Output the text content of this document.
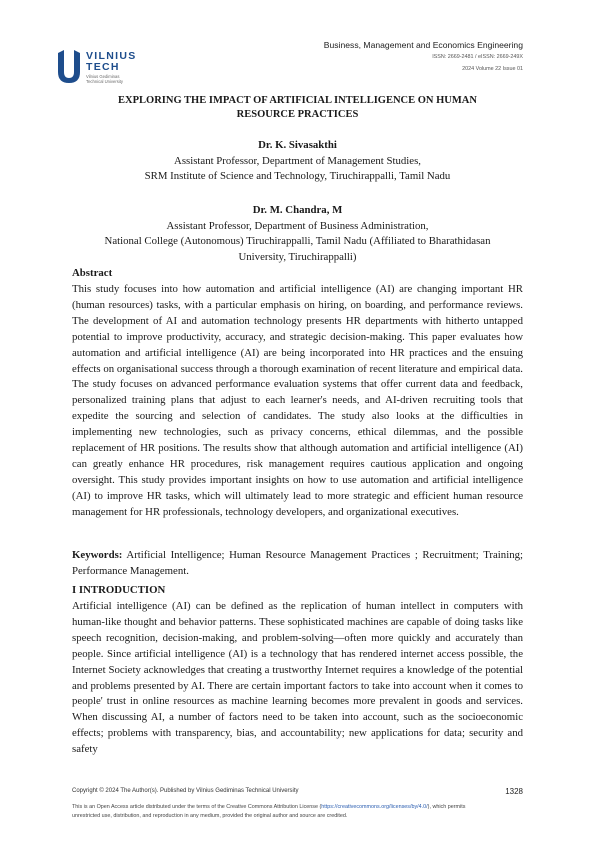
VILNIUS
TECH
Vilnius Gediminas
Technical University
Business, Management and Economics Engineering
ISSN: 2669-2481 / eISSN: 2669-249X
2024 Volume 22 Issue 01
EXPLORING THE IMPACT OF ARTIFICIAL INTELLIGENCE ON HUMAN
RESOURCE PRACTICES
Dr. K. Sivasakthi
Assistant Professor, Department of Management Studies,
SRM Institute of Science and Technology, Tiruchirappalli, Tamil Nadu
Dr. M. Chandra, M
Assistant Professor, Department of Business Administration,
National College (Autonomous) Tiruchirappalli, Tamil Nadu (Affiliated to Bharathidasan
University, Tiruchirappalli)
Abstract
This study focuses into how automation and artificial intelligence (AI) are changing important HR (human resources) tasks, with a particular emphasis on hiring, on boarding, and performance reviews. The development of AI and automation technology presents HR departments with hitherto untapped potential to improve productivity, accuracy, and strategic decision-making. This paper evaluates how automation and artificial intelligence (AI) are being incorporated into HR practices and the ensuing effects on organisational success through a thorough examination of recent literature and empirical data. The study focuses on advanced performance evaluation systems that offer current data and feedback, personalized training plans that adjust to each learner's needs, and AI-driven recruiting tools that expedite the sourcing and selection of candidates. The study also looks at the difficulties in implementing new technologies, such as privacy concerns, ethical dilemmas, and the possible replacement of HR positions. The results show that although automation and artificial intelligence (AI) can greatly enhance HR procedures, risk management requires cautious application and ongoing oversight. This study provides important insights on how to use automation and artificial intelligence (AI) to improve HR tasks, which will ultimately lead to more strategic and efficient human resource management for HR professionals, technology developers, and organizational executives.
Keywords: Artificial Intelligence; Human Resource Management Practices ; Recruitment; Training; Performance Management.
I INTRODUCTION
Artificial intelligence (AI) can be defined as the replication of human intellect in computers with human-like thought and behavior patterns. These sophisticated machines are capable of doing tasks like speech recognition, decision-making, and problem-solving—often more quickly and accurately than people. Since artificial intelligence (AI) is a technology that has rendered internet access possible, the Internet Society acknowledges that creating a trustworthy Internet requires a knowledge of the potential and problems presented by AI. There are certain important factors to take into account when it comes to people' trust in online resources as machine learning becomes more prevalent in goods and services. When discussing AI, a number of factors need to be taken into account, such as the socioeconomic effects; problems with transparency, bias, and accountability; new applications for data; security and safety
Copyright © 2024 The Author(s). Published by Vilnius Gediminas Technical University	1328
This is an Open Access article distributed under the terms of the Creative Commons Attribution License (https://creativecommons.org/licenses/by/4.0/), which permits unrestricted use, distribution, and reproduction in any medium, provided the original author and source are credited.
